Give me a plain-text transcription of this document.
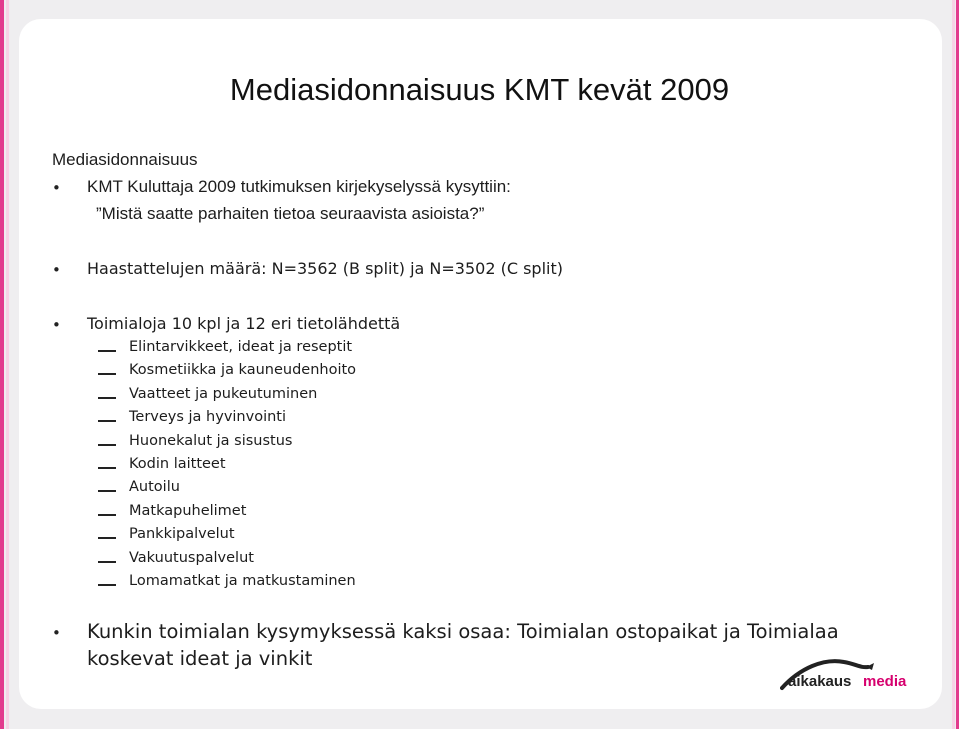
Mediasidonnaisuus KMT kevät 2009
Mediasidonnaisuus
• KMT Kuluttaja 2009 tutkimuksen kirjekyselyssä kysyttiin:
”Mistä saatte parhaiten tietoa seuraavista asioista?”
• Haastattelujen määrä: N=3562 (B split) ja N=3502 (C split)
• Toimialoja 10 kpl ja 12 eri tietolähdettä
Elintarvikkeet, ideat ja reseptit
Kosmetiikka ja kauneudenhoito
Vaatteet ja pukeutuminen
Terveys ja hyvinvointi
Huonekalut ja sisustus
Kodin laitteet
Autoilu
Matkapuhelimet
Pankkipalvelut
Vakuutuspalvelut
Lomamatkat ja matkustaminen
• Kunkin toimialan kysymyksessä kaksi osaa: Toimialan ostopaikat ja Toimialaa
koskevat ideat ja vinkit
aikakaus media
